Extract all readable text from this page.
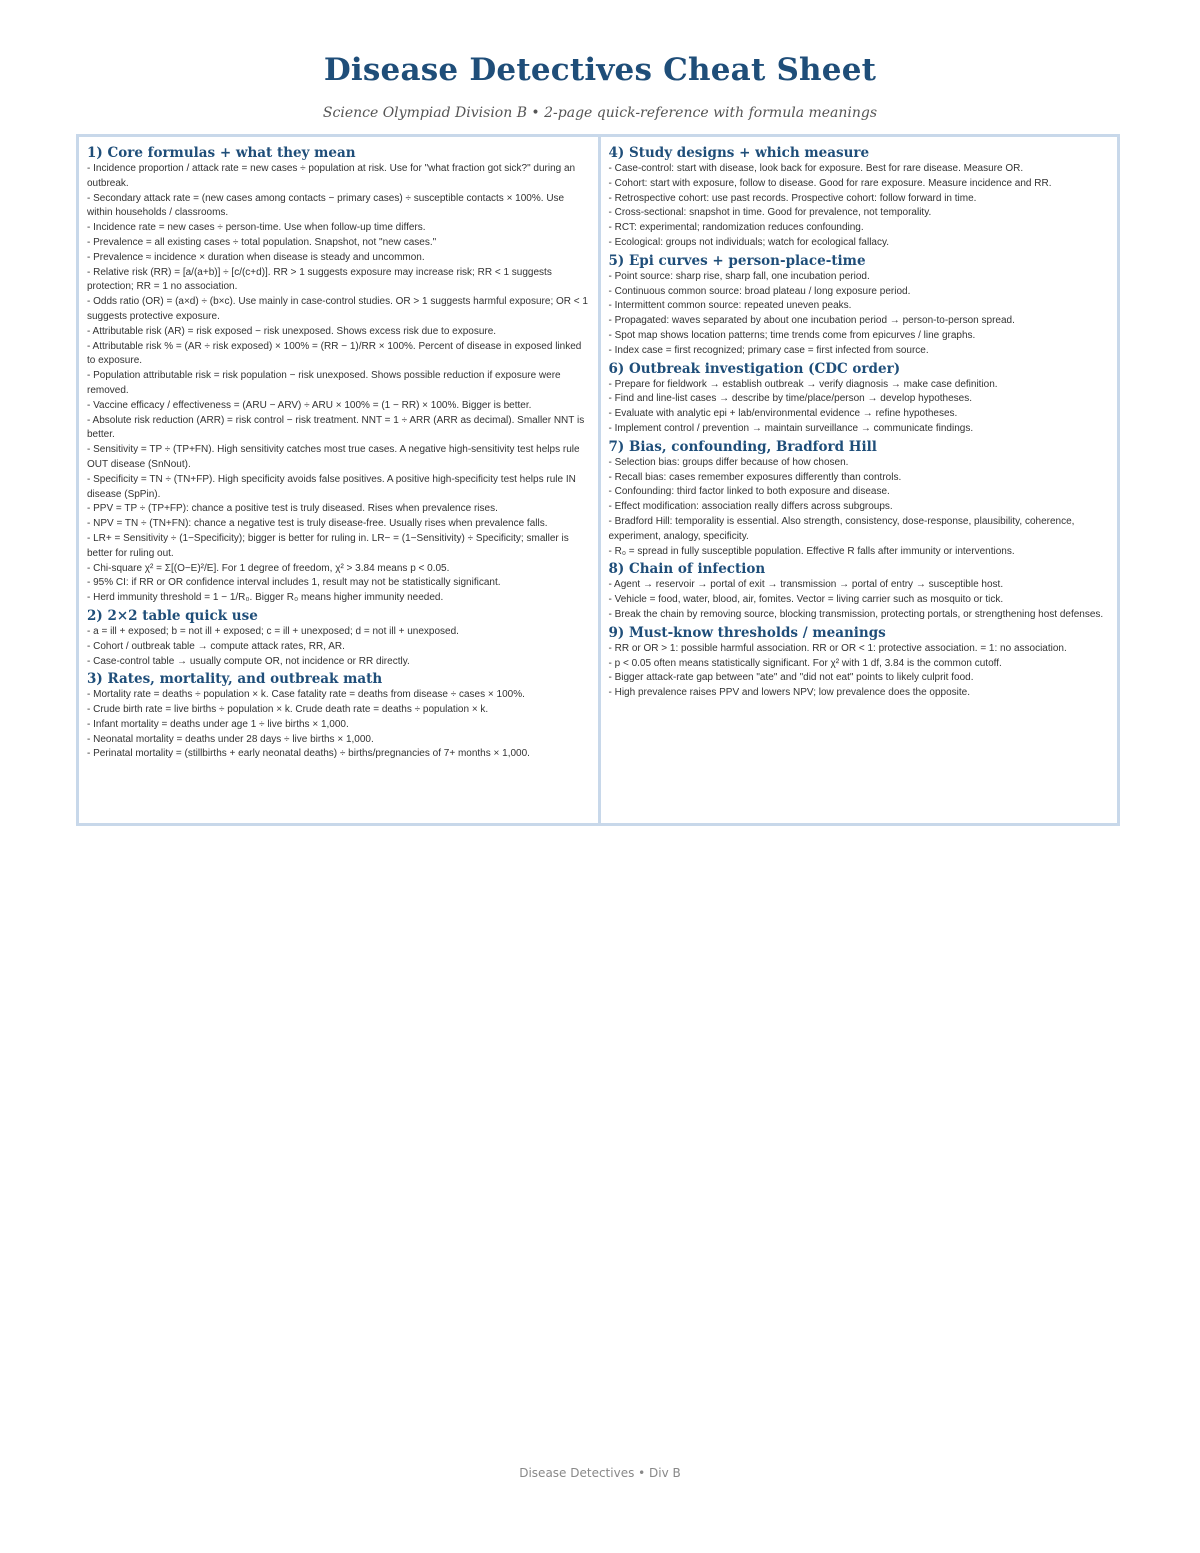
Disease Detectives Cheat Sheet
Science Olympiad Division B • 2-page quick-reference with formula meanings
1) Core formulas + what they mean
- Incidence proportion / attack rate = new cases ÷ population at risk. Use for "what fraction got sick?" during an outbreak.
- Secondary attack rate = (new cases among contacts − primary cases) ÷ susceptible contacts × 100%. Use within households / classrooms.
- Incidence rate = new cases ÷ person-time. Use when follow-up time differs.
- Prevalence = all existing cases ÷ total population. Snapshot, not "new cases."
- Prevalence ≈ incidence × duration when disease is steady and uncommon.
- Relative risk (RR) = [a/(a+b)] ÷ [c/(c+d)]. RR > 1 suggests exposure may increase risk; RR < 1 suggests protection; RR = 1 no association.
- Odds ratio (OR) = (a×d) ÷ (b×c). Use mainly in case-control studies. OR > 1 suggests harmful exposure; OR < 1 suggests protective exposure.
- Attributable risk (AR) = risk exposed − risk unexposed. Shows excess risk due to exposure.
- Attributable risk % = (AR ÷ risk exposed) × 100% = (RR − 1)/RR × 100%. Percent of disease in exposed linked to exposure.
- Population attributable risk = risk population − risk unexposed. Shows possible reduction if exposure were removed.
- Vaccine efficacy / effectiveness = (ARU − ARV) ÷ ARU × 100% = (1 − RR) × 100%. Bigger is better.
- Absolute risk reduction (ARR) = risk control − risk treatment. NNT = 1 ÷ ARR (ARR as decimal). Smaller NNT is better.
- Sensitivity = TP ÷ (TP+FN). High sensitivity catches most true cases. A negative high-sensitivity test helps rule OUT disease (SnNout).
- Specificity = TN ÷ (TN+FP). High specificity avoids false positives. A positive high-specificity test helps rule IN disease (SpPin).
- PPV = TP ÷ (TP+FP): chance a positive test is truly diseased. Rises when prevalence rises.
- NPV = TN ÷ (TN+FN): chance a negative test is truly disease-free. Usually rises when prevalence falls.
- LR+ = Sensitivity ÷ (1−Specificity); bigger is better for ruling in. LR− = (1−Sensitivity) ÷ Specificity; smaller is better for ruling out.
- Chi-square χ² = Σ[(O−E)²/E]. For 1 degree of freedom, χ² > 3.84 means p < 0.05.
- 95% CI: if RR or OR confidence interval includes 1, result may not be statistically significant.
- Herd immunity threshold = 1 − 1/R₀. Bigger R₀ means higher immunity needed.
2) 2×2 table quick use
- a = ill + exposed; b = not ill + exposed; c = ill + unexposed; d = not ill + unexposed.
- Cohort / outbreak table → compute attack rates, RR, AR.
- Case-control table → usually compute OR, not incidence or RR directly.
3) Rates, mortality, and outbreak math
- Mortality rate = deaths ÷ population × k. Case fatality rate = deaths from disease ÷ cases × 100%.
- Crude birth rate = live births ÷ population × k. Crude death rate = deaths ÷ population × k.
- Infant mortality = deaths under age 1 ÷ live births × 1,000.
- Neonatal mortality = deaths under 28 days ÷ live births × 1,000.
- Perinatal mortality = (stillbirths + early neonatal deaths) ÷ births/pregnancies of 7+ months × 1,000.
4) Study designs + which measure
- Case-control: start with disease, look back for exposure. Best for rare disease. Measure OR.
- Cohort: start with exposure, follow to disease. Good for rare exposure. Measure incidence and RR.
- Retrospective cohort: use past records. Prospective cohort: follow forward in time.
- Cross-sectional: snapshot in time. Good for prevalence, not temporality.
- RCT: experimental; randomization reduces confounding.
- Ecological: groups not individuals; watch for ecological fallacy.
5) Epi curves + person-place-time
- Point source: sharp rise, sharp fall, one incubation period.
- Continuous common source: broad plateau / long exposure period.
- Intermittent common source: repeated uneven peaks.
- Propagated: waves separated by about one incubation period → person-to-person spread.
- Spot map shows location patterns; time trends come from epicurves / line graphs.
- Index case = first recognized; primary case = first infected from source.
6) Outbreak investigation (CDC order)
- Prepare for fieldwork → establish outbreak → verify diagnosis → make case definition.
- Find and line-list cases → describe by time/place/person → develop hypotheses.
- Evaluate with analytic epi + lab/environmental evidence → refine hypotheses.
- Implement control / prevention → maintain surveillance → communicate findings.
7) Bias, confounding, Bradford Hill
- Selection bias: groups differ because of how chosen.
- Recall bias: cases remember exposures differently than controls.
- Confounding: third factor linked to both exposure and disease.
- Effect modification: association really differs across subgroups.
- Bradford Hill: temporality is essential. Also strength, consistency, dose-response, plausibility, coherence, experiment, analogy, specificity.
- R₀ = spread in fully susceptible population. Effective R falls after immunity or interventions.
8) Chain of infection
- Agent → reservoir → portal of exit → transmission → portal of entry → susceptible host.
- Vehicle = food, water, blood, air, fomites. Vector = living carrier such as mosquito or tick.
- Break the chain by removing source, blocking transmission, protecting portals, or strengthening host defenses.
9) Must-know thresholds / meanings
- RR or OR > 1: possible harmful association. RR or OR < 1: protective association. = 1: no association.
- p < 0.05 often means statistically significant. For χ² with 1 df, 3.84 is the common cutoff.
- Bigger attack-rate gap between "ate" and "did not eat" points to likely culprit food.
- High prevalence raises PPV and lowers NPV; low prevalence does the opposite.
Disease Detectives • Div B
